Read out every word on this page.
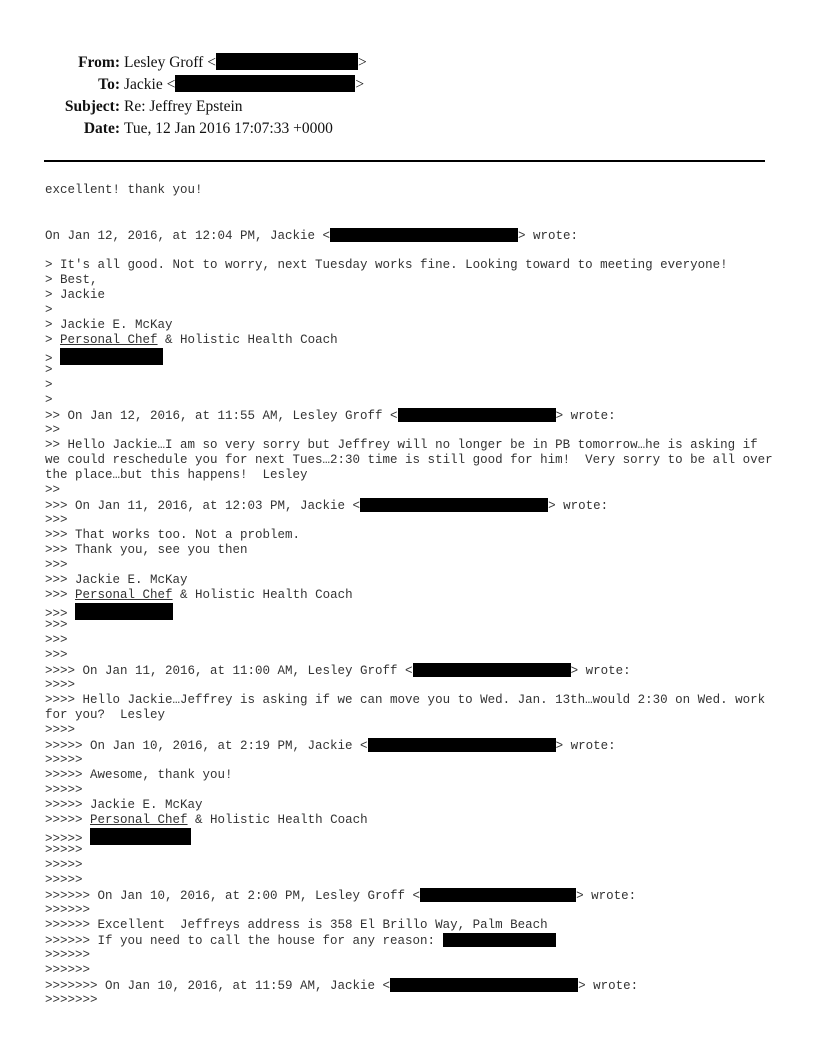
From: Lesley Groff <	>
To: Jackie <	>
Subject: Re: Jeffrey Epstein
Date: Tue, 12 Jan 2016 17:07:33 +0000
excellent! thank you!
On Jan 12, 2016, at 12:04 PM, Jackie <	> wrote:
> It's all good. Not to worry, next Tuesday works fine. Looking toward to meeting everyone!
> Best,
> Jackie
>
> Jackie E. McKay
> Personal Chef & Holistic Health Coach
>
>
>
>
>> On Jan 12, 2016, at 11:55 AM, Lesley Groff <	> wrote:
>>
>> Hello Jackie…I am so very sorry but Jeffrey will no longer be in PB tomorrow…he is asking if we could reschedule you for next Tues…2:30 time is still good for him!  Very sorry to be all over the place…but this happens!  Lesley
>>
>>> On Jan 11, 2016, at 12:03 PM, Jackie <	> wrote:
>>>
>>> That works too. Not a problem.
>>> Thank you, see you then
>>>
>>> Jackie E. McKay
>>> Personal Chef & Holistic Health Coach
>>>
>>>
>>>
>>>
>>>> On Jan 11, 2016, at 11:00 AM, Lesley Groff <	> wrote:
>>>>
>>>> Hello Jackie…Jeffrey is asking if we can move you to Wed. Jan. 13th…would 2:30 on Wed. work for you?  Lesley
>>>>
>>>>> On Jan 10, 2016, at 2:19 PM, Jackie <	> wrote:
>>>>>
>>>>> Awesome, thank you!
>>>>>
>>>>> Jackie E. McKay
>>>>> Personal Chef & Holistic Health Coach
>>>>>
>>>>>
>>>>>
>>>>>
>>>>>> On Jan 10, 2016, at 2:00 PM, Lesley Groff <	> wrote:
>>>>>>
>>>>>> Excellent  Jeffreys address is 358 El Brillo Way, Palm Beach
>>>>>> If you need to call the house for any reason:
>>>>>>
>>>>>>
>>>>>>> On Jan 10, 2016, at 11:59 AM, Jackie <	> wrote:
>>>>>>>
